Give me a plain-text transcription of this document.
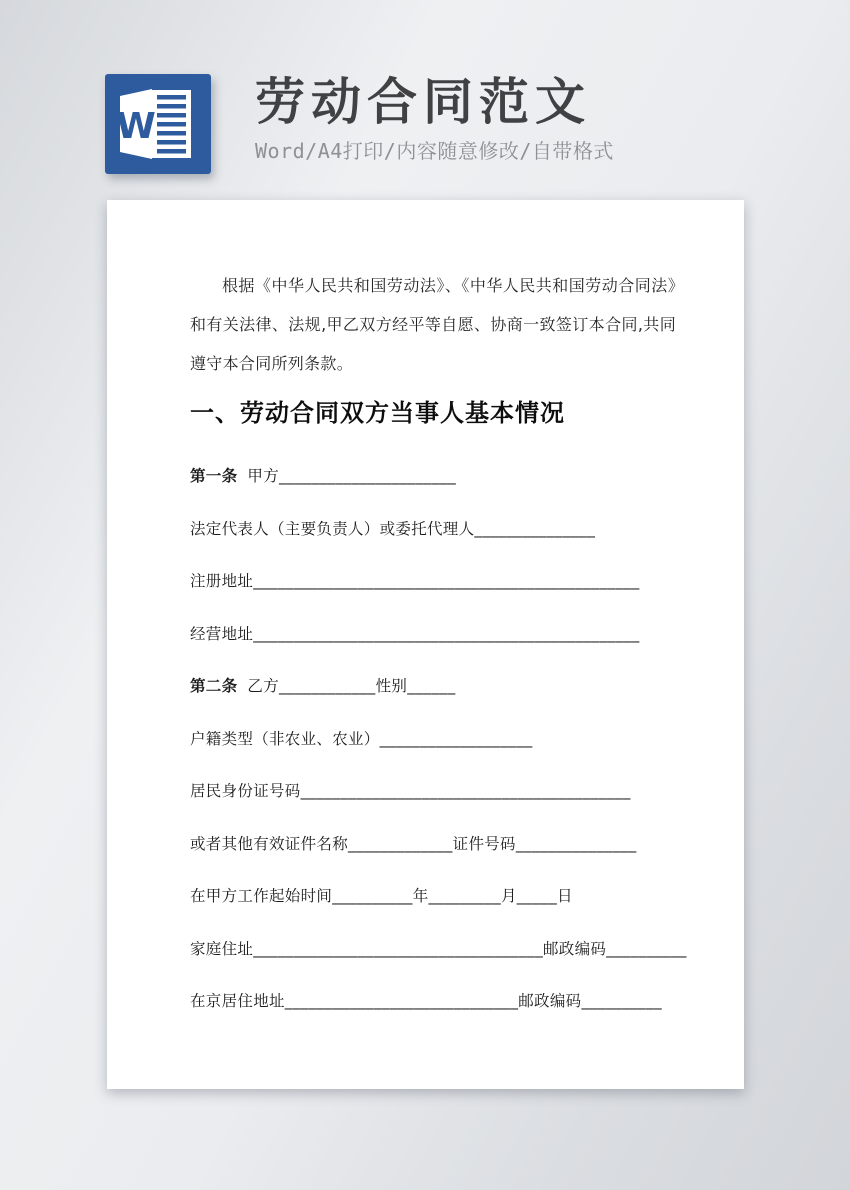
W 劳动合同范文

Word/A4打印/内容随意修改/自带格式

根据《中华人民共和国劳动法》、《中华人民共和国劳动合同法》和有关法律、法规,甲乙双方经平等自愿、协商一致签订本合同,共同遵守本合同所列条款。

一、劳动合同双方当事人基本情况
第一条 甲方______________________
法定代表人（主要负责人）或委托代理人_______________
注册地址________________________________________________
经营地址________________________________________________
第二条 乙方____________性别______
户籍类型（非农业、农业）___________________
居民身份证号码_________________________________________
或者其他有效证件名称_____________证件号码_______________
在甲方工作起始时间__________年_________月_____日
家庭住址____________________________________邮政编码__________
在京居住地址_____________________________邮政编码__________
